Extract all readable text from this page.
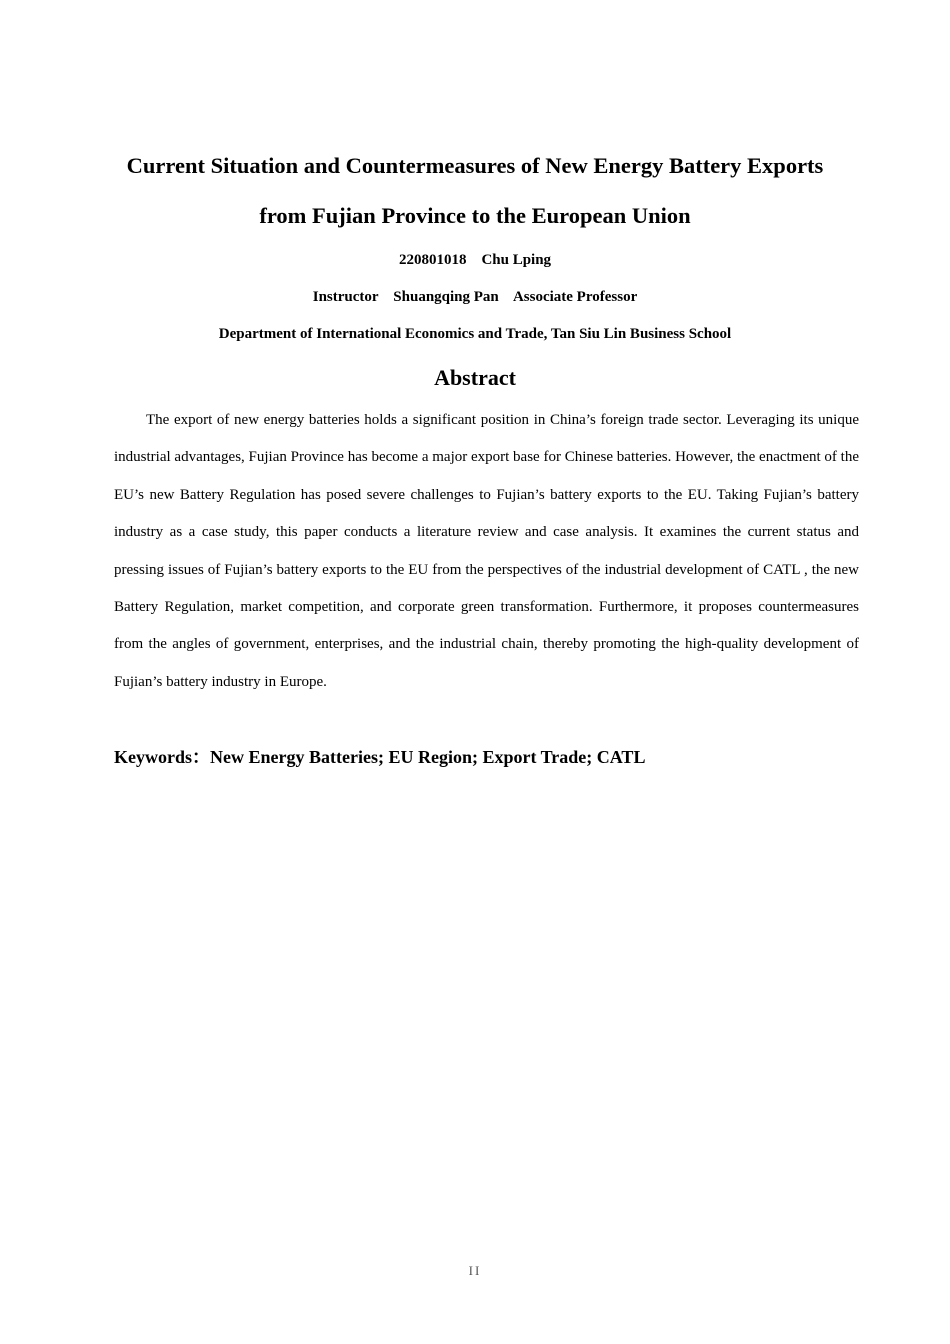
Current Situation and Countermeasures of New Energy Battery Exports
from Fujian Province to the European Union

220801018    Chu Lping

Instructor    Shuangqing Pan    Associate Professor

Department of International Economics and Trade, Tan Siu Lin Business School

Abstract

The export of new energy batteries holds a significant position in China’s foreign trade sector. Leveraging its unique industrial advantages, Fujian Province has become a major export base for Chinese batteries. However, the enactment of the EU’s new Battery Regulation has posed severe challenges to Fujian’s battery exports to the EU. Taking Fujian’s battery industry as a case study, this paper conducts a literature review and case analysis. It examines the current status and pressing issues of Fujian’s battery exports to the EU from the perspectives of the industrial development of CATL , the new Battery Regulation, market competition, and corporate green transformation. Furthermore, it proposes countermeasures from the angles of government, enterprises, and the industrial chain, thereby promoting the high-quality development of Fujian’s battery industry in Europe.

Keywords：New Energy Batteries; EU Region; Export Trade; CATL

II
